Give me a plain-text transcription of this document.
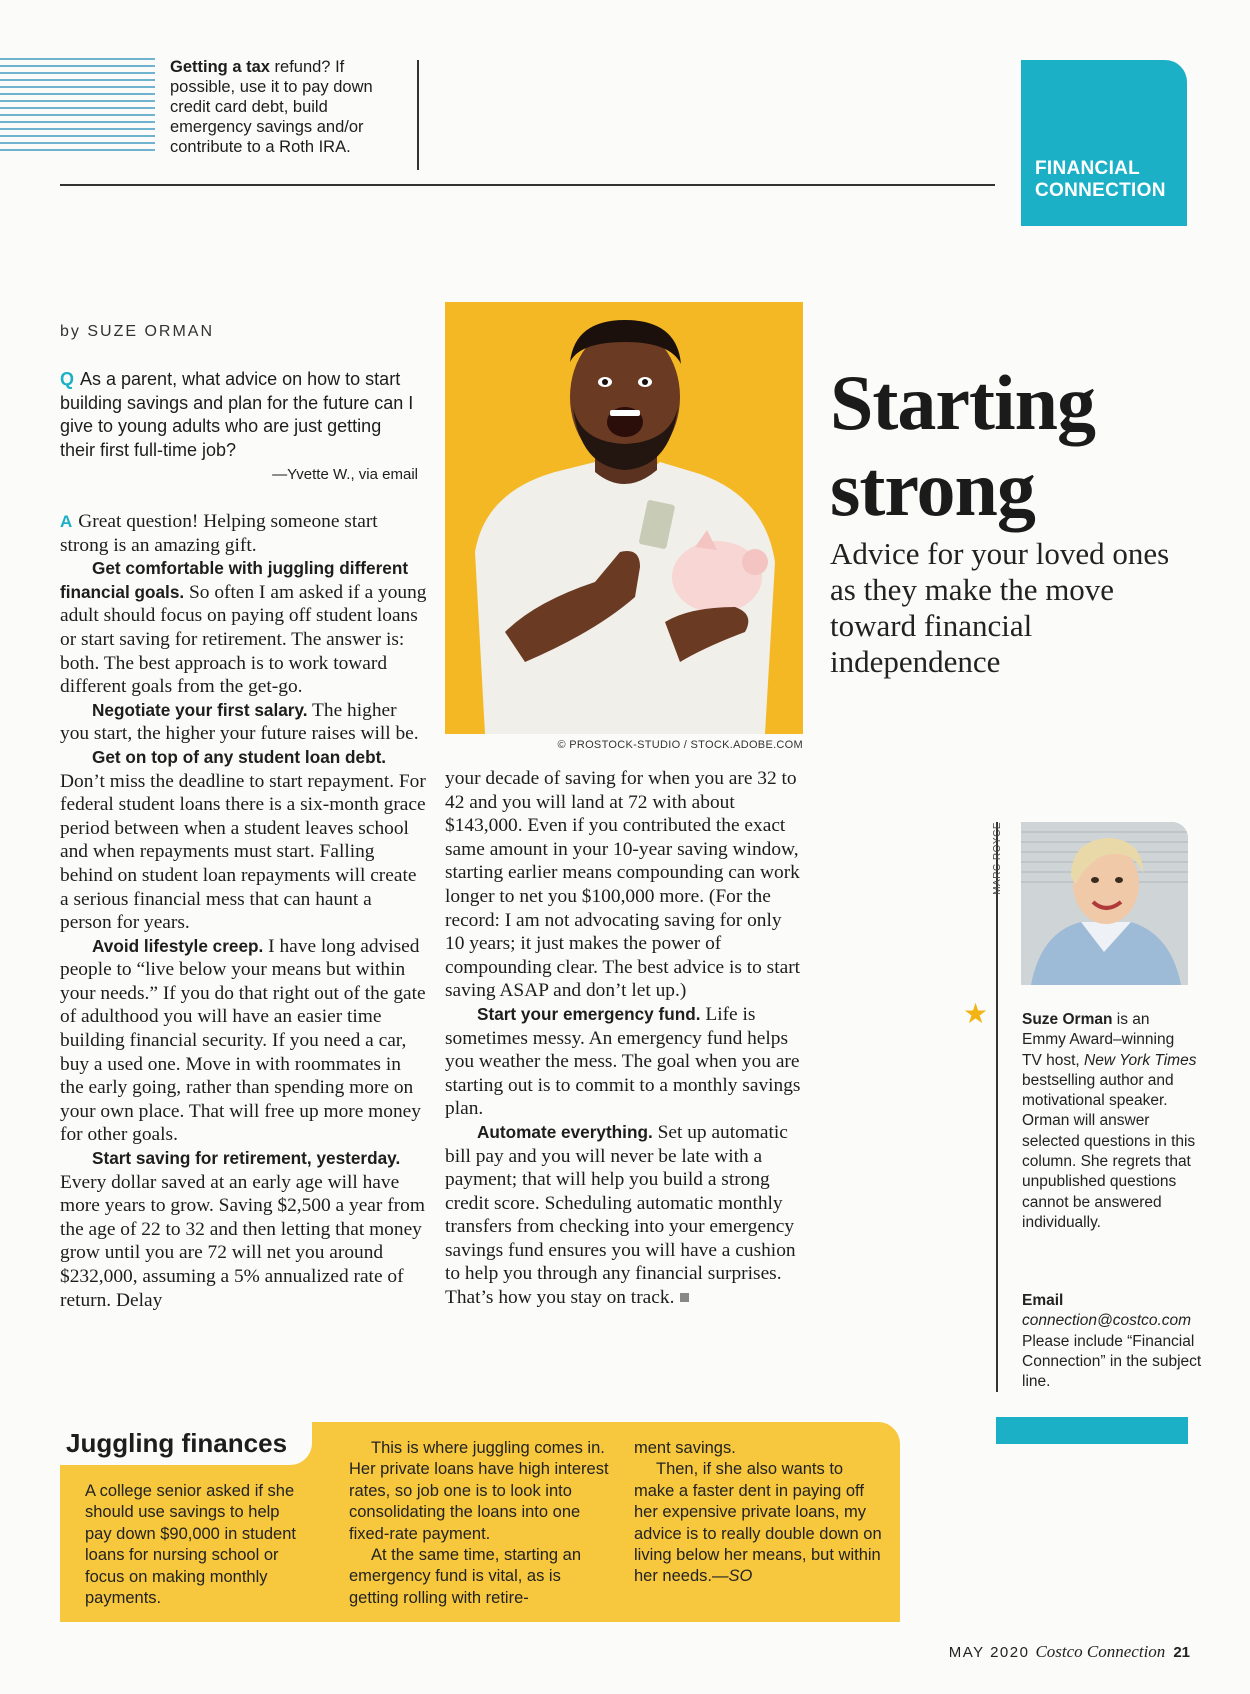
Getting a tax refund? If possible, use it to pay down credit card debt, build emergency savings and/or contribute to a Roth IRA.
FINANCIAL
CONNECTION
by SUZE ORMAN
Q As a parent, what advice on how to start building savings and plan for the future can I give to young adults who are just getting their first full-time job?
—Yvette W., via email

A Great question! Helping someone start strong is an amazing gift.

Get comfortable with juggling different financial goals. So often I am asked if a young adult should focus on paying off student loans or start saving for retirement. The answer is: both. The best approach is to work toward different goals from the get-go.

Negotiate your first salary. The higher you start, the higher your future raises will be.

Get on top of any student loan debt. Don’t miss the deadline to start repayment. For federal student loans there is a six-month grace period between when a student leaves school and when repayments must start. Falling behind on student loan repayments will create a serious financial mess that can haunt a person for years.

Avoid lifestyle creep. I have long advised people to “live below your means but within your needs.” If you do that right out of the gate of adulthood you will have an easier time building financial security. If you need a car, buy a used one. Move in with roommates in the early going, rather than spending more on your own place. That will free up more money for other goals.

Start saving for retirement, yesterday. Every dollar saved at an early age will have more years to grow. Saving $2,500 a year from the age of 22 to 32 and then letting that money grow until you are 72 will net you around $232,000, assuming a 5% annualized rate of return. Delay

© PROSTOCK-STUDIO / STOCK.ADOBE.COM

your decade of saving for when you are 32 to 42 and you will land at 72 with about $143,000. Even if you contributed the exact same amount in your 10-year saving window, starting earlier means compounding can work longer to net you $100,000 more. (For the record: I am not advocating saving for only 10 years; it just makes the power of compounding clear. The best advice is to start saving ASAP and don’t let up.)

Start your emergency fund. Life is sometimes messy. An emergency fund helps you weather the mess. The goal when you are starting out is to commit to a monthly savings plan.

Automate everything. Set up automatic bill pay and you will never be late with a payment; that will help you build a strong credit score. Scheduling automatic monthly transfers from checking into your emergency savings fund ensures you will have a cushion to help you through any financial surprises. That’s how you stay on track.

Starting
strong
Advice for your loved ones as they make the move toward financial independence
MARC ROYCE
★ Suze Orman is an Emmy Award–winning TV host, New York Times bestselling author and motivational speaker. Orman will answer selected questions in this column. She regrets that unpublished questions cannot be answered individually.
Email
connection@costco.com
Please include “Financial Connection” in the subject line.
Juggling finances

A college senior asked if she should use savings to help pay down $90,000 in student loans for nursing school or focus on making monthly payments.

This is where juggling comes in. Her private loans have high interest rates, so job one is to look into consolidating the loans into one fixed-rate payment.

At the same time, starting an emergency fund is vital, as is getting rolling with retire-

ment savings.

Then, if she also wants to make a faster dent in paying off her expensive private loans, my advice is to really double down on living below her means, but within her needs.—SO

MAY 2020 Costco Connection 21
